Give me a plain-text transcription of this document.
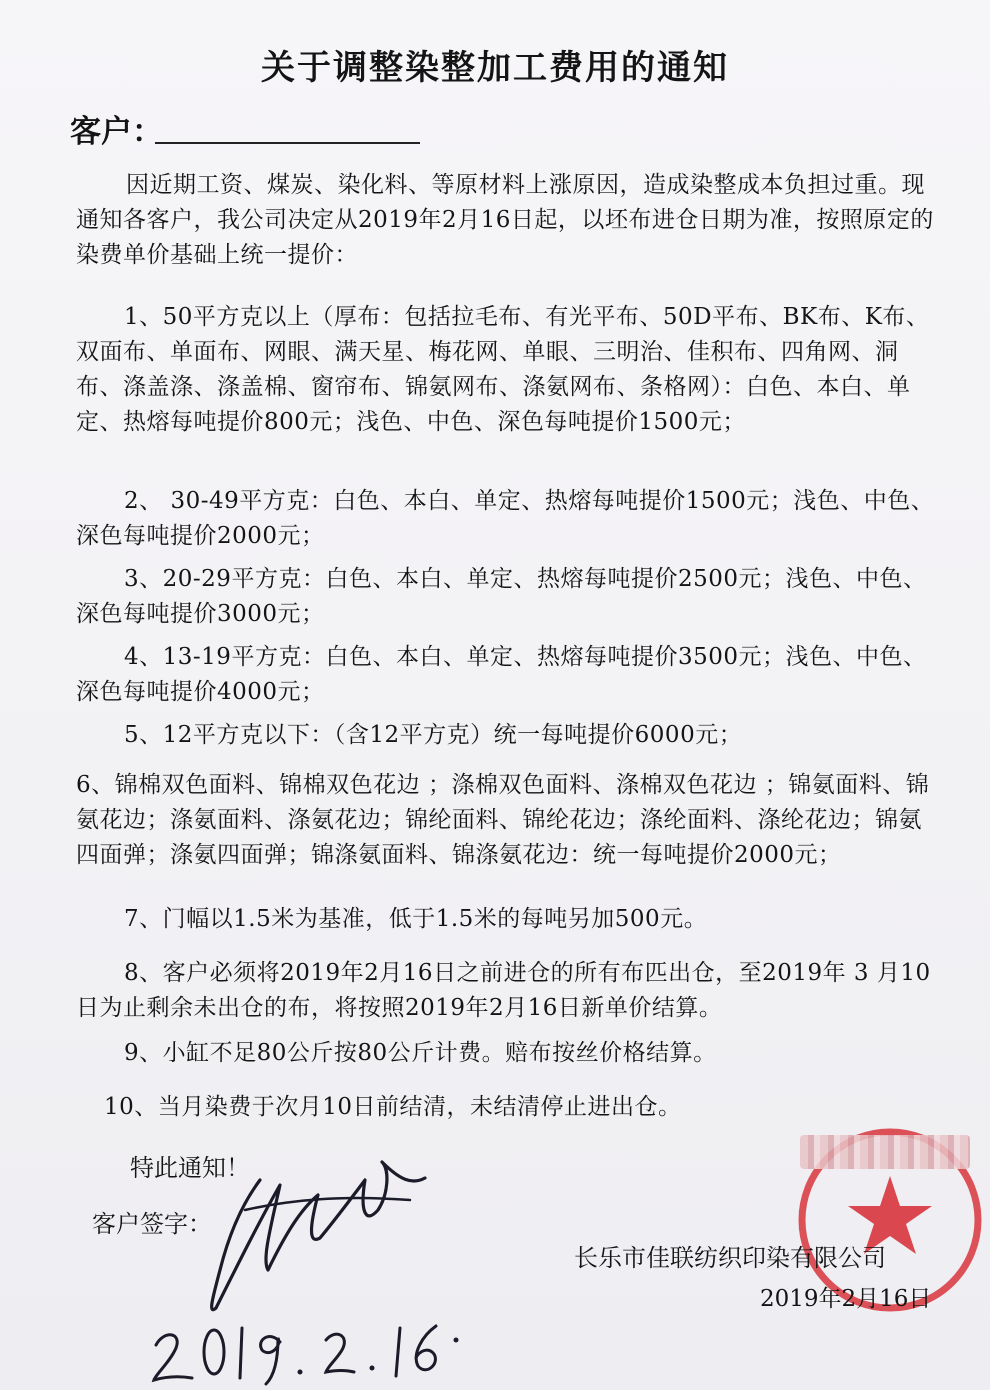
关于调整染整加工费用的通知
客户：
因近期工资、煤炭、染化料、等原材料上涨原因，造成染整成本负担过重。现通知各客户，我公司决定从2019年2月16日起，以坯布进仓日期为准，按照原定的染费单价基础上统一提价：
1、50平方克以上（厚布：包括拉毛布、有光平布、50D平布、BK布、K布、双面布、单面布、网眼、满天星、梅花网、单眼、三明治、佳积布、四角网、洞布、涤盖涤、涤盖棉、窗帘布、锦氨网布、涤氨网布、条格网）：白色、本白、单定、热熔每吨提价800元；浅色、中色、深色每吨提价1500元；
2、 30-49平方克：白色、本白、单定、热熔每吨提价1500元；浅色、中色、深色每吨提价2000元；
3、20-29平方克：白色、本白、单定、热熔每吨提价2500元；浅色、中色、深色每吨提价3000元；
4、13-19平方克：白色、本白、单定、热熔每吨提价3500元；浅色、中色、深色每吨提价4000元；
5、12平方克以下：（含12平方克）统一每吨提价6000元；
6、锦棉双色面料、锦棉双色花边 ；涤棉双色面料、涤棉双色花边 ；锦氨面料、锦氨花边；涤氨面料、涤氨花边；锦纶面料、锦纶花边；涤纶面料、涤纶花边；锦氨四面弹；涤氨四面弹；锦涤氨面料、锦涤氨花边：统一每吨提价2000元；
7、门幅以1.5米为基准，低于1.5米的每吨另加500元。
8、客户必须将2019年2月16日之前进仓的所有布匹出仓，至2019年 3 月10日为止剩余未出仓的布，将按照2019年2月16日新单价结算。
9、小缸不足80公斤按80公斤计费。赔布按丝价格结算。
10、当月染费于次月10日前结清，未结清停止进出仓。
特此通知！
客户签字：
长乐市佳联纺织印染有限公司
2019年2月16日
